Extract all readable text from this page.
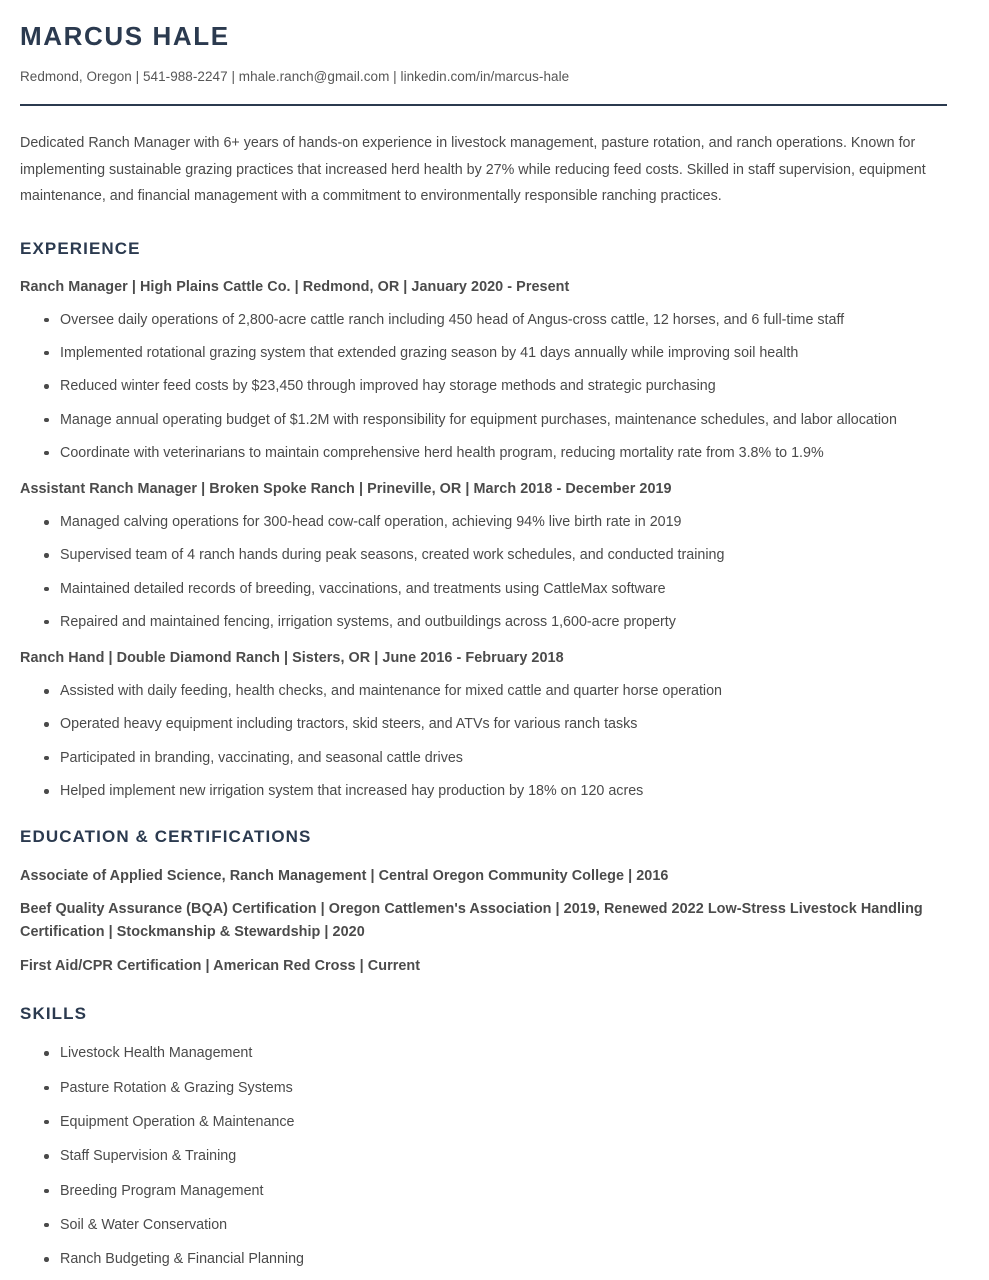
MARCUS HALE
Redmond, Oregon | 541-988-2247 | mhale.ranch@gmail.com | linkedin.com/in/marcus-hale

Dedicated Ranch Manager with 6+ years of hands-on experience in livestock management, pasture rotation, and ranch operations. Known for implementing sustainable grazing practices that increased herd health by 27% while reducing feed costs. Skilled in staff supervision, equipment maintenance, and financial management with a commitment to environmentally responsible ranching practices.

EXPERIENCE
Ranch Manager | High Plains Cattle Co. | Redmond, OR | January 2020 - Present
Oversee daily operations of 2,800-acre cattle ranch including 450 head of Angus-cross cattle, 12 horses, and 6 full-time staff
Implemented rotational grazing system that extended grazing season by 41 days annually while improving soil health
Reduced winter feed costs by $23,450 through improved hay storage methods and strategic purchasing
Manage annual operating budget of $1.2M with responsibility for equipment purchases, maintenance schedules, and labor allocation
Coordinate with veterinarians to maintain comprehensive herd health program, reducing mortality rate from 3.8% to 1.9%
Assistant Ranch Manager | Broken Spoke Ranch | Prineville, OR | March 2018 - December 2019
Managed calving operations for 300-head cow-calf operation, achieving 94% live birth rate in 2019
Supervised team of 4 ranch hands during peak seasons, created work schedules, and conducted training
Maintained detailed records of breeding, vaccinations, and treatments using CattleMax software
Repaired and maintained fencing, irrigation systems, and outbuildings across 1,600-acre property
Ranch Hand | Double Diamond Ranch | Sisters, OR | June 2016 - February 2018
Assisted with daily feeding, health checks, and maintenance for mixed cattle and quarter horse operation
Operated heavy equipment including tractors, skid steers, and ATVs for various ranch tasks
Participated in branding, vaccinating, and seasonal cattle drives
Helped implement new irrigation system that increased hay production by 18% on 120 acres
EDUCATION & CERTIFICATIONS
Associate of Applied Science, Ranch Management | Central Oregon Community College | 2016
Beef Quality Assurance (BQA) Certification | Oregon Cattlemen's Association | 2019, Renewed 2022 Low-Stress Livestock Handling Certification | Stockmanship & Stewardship | 2020
First Aid/CPR Certification | American Red Cross | Current
SKILLS
Livestock Health Management
Pasture Rotation & Grazing Systems
Equipment Operation & Maintenance
Staff Supervision & Training
Breeding Program Management
Soil & Water Conservation
Ranch Budgeting & Financial Planning
